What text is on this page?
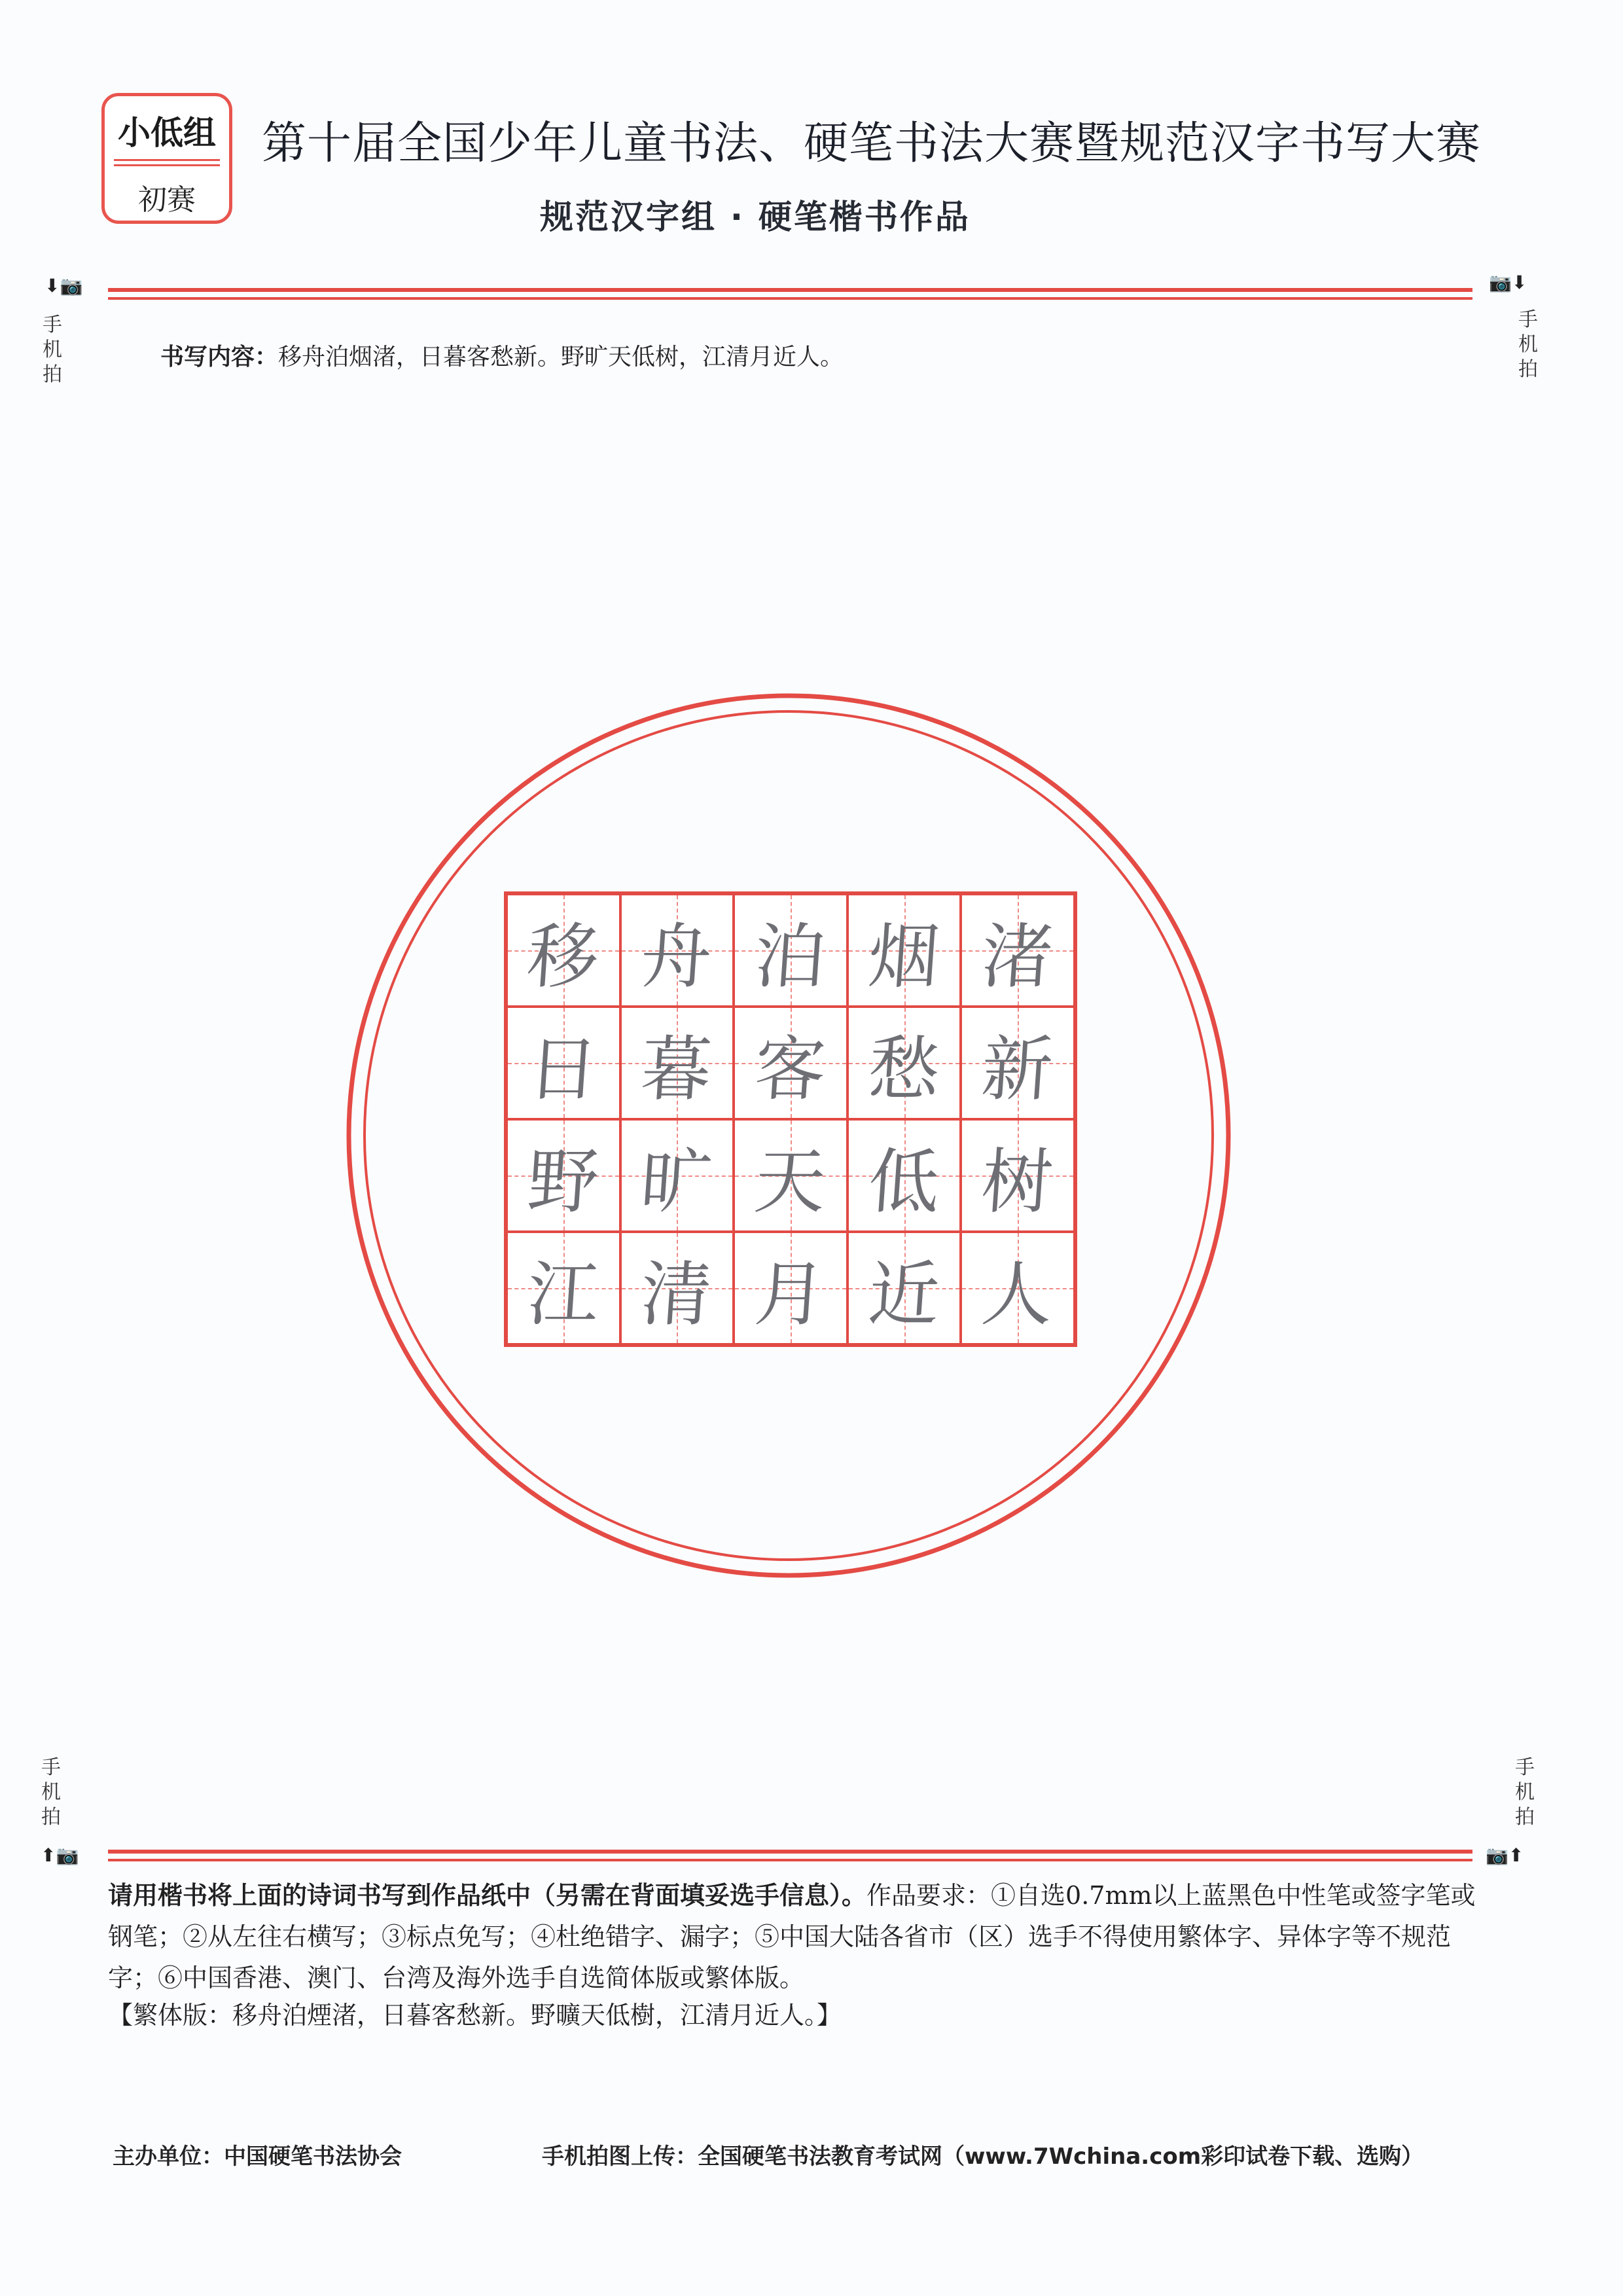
小低组
初赛
第十届全国少年儿童书法、硬笔书法大赛暨规范汉字书写大赛
规范汉字组 · 硬笔楷书作品
⬇📷
手
机
拍
📷⬇
手
机
拍
书写内容：移舟泊烟渚，日暮客愁新。野旷天低树，江清月近人。
移 舟 泊 烟 渚
日 暮 客 愁 新
野 旷 天 低 树
江 清 月 近 人
手
机
拍
⬆📷
手
机
拍
📷⬆
请用楷书将上面的诗词书写到作品纸中（另需在背面填妥选手信息）。作品要求：①自选0.7mm以上蓝黑色中性笔或签字笔或钢笔；②从左往右横写；③标点免写；④杜绝错字、漏字；⑤中国大陆各省市（区）选手不得使用繁体字、异体字等不规范字；⑥中国香港、澳门、台湾及海外选手自选简体版或繁体版。
【繁体版：移舟泊煙渚，日暮客愁新。野曠天低樹，江清月近人。】
主办单位：中国硬笔书法协会	手机拍图上传：全国硬笔书法教育考试网（www.7Wchina.com彩印试卷下载、选购）
